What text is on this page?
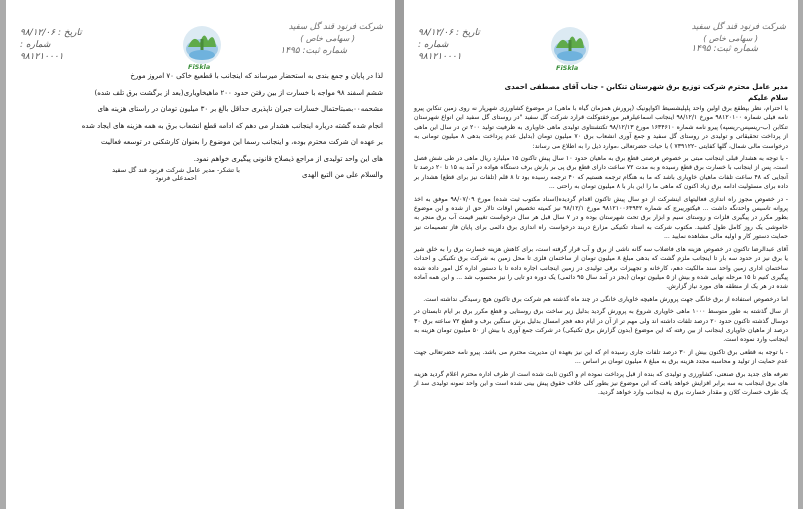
شرکت فرنود قند گل سفید
( سهامی خاص )
شماره ثبت: ۱۴۹۵
FiSkla
تاریخ : ۹۸/۱۲/۰۶
شماره :
۹۸۱۲۱۰۰۰۱

لذا در پایان و جمع بندی به استحضار میرساند که اینجانب با قطعیع خاکی ۷۰ امروز مورخ

ششم اسفند ۹۸ مواجه با خسارت از بین رفتن حدود ۲۰۰ ماهیخاویاری(بعد از برگشت برق تلف شده)

مشحمه۰۰بصبتاحتمال خسارات جبران ناپذیری حداقل بالغ بر ۳۰ میلیون تومان در راستای هزینه های

انجام شده گشته درباره اینجانب هشدار می دهم که ادامه قطع انشعاب برق به همه هزینه های ایجاد شده

بر عهده ان شرکت محترم بوده، و اینجانب رسما این موضوع را بعنوان کارشکنی در توسعه فعالیت

های این واحد تولیدی از مراجع ذیصلاح قانونی پیگیری خواهم نمود.

والسلام علی من التبع الهدی

با تشکر- مدیر عامل شرکت فرنود قند گل سفید
احمدعلی فرنود
شرکت فرنود قند گل سفید
( سهامی خاص )
شماره ثبت: ۱۴۹۵
FiSkla
تاریخ : ۹۸/۱۲/۰۶
شماره :
۹۸۱۲۱۰۰۰۱
مدیر عامل محترم شرکت توزیع برق شهرستان تنکابن - جناب آقای مصطفی احمدی
سلام علیکم

با احترام، نظر بپطقع برق اولین واحد پلپلیشسیط اکواپونیک (پرورش همزمان گیاه با ماهی) در موضوع کشاورزی شهرپار نه روی زمین تنکابن پیرو نامه فیلی شماره ۹۸۱۲۰۱۰۰ مورخ ۹۸/۱۲/۱ اینجانب اسماعیلرقبر مورخفتوکلت قرارد شرکت گل سفید "در روستای گل سفید این انواع شهرستان تنکابن (ب-ریسپس-ریسپه) پیرو نامه شماره ۱۶۳۴۶۱۰ مورخ ۹۸/۱۲/۱۳ تکتشنتاوی تولیدی ماهی خاویاری به ظرفیت تولید ۲۰۰ تن در سال این ماهی از پرداخت تحقیقاتی و تولیدی در روستای گل سفید و جمع آوری انشعاب برق ۷۰ میلیون تومان (بدلیل عدم پرداخت بدهی ۸ میلیون تومانی به درخواست مالی شمال، گلها کفایتی -۷۳۹۱۲۲ ) یا حیات حضرتعالی ،موارد ذیل را به اطلاع می رساند:

- با توجه به هشدار قبلی اینجانب مبتی بر خصوص فرصتی قطع برق به ماهیان حدود ۱۰ سال پیش تاکنون ۱۵ میلیارد ریال ماهی در طی شش فصل است، پس از اینجانب با خسارت برق قطع رسیده و به مدت ۷۲ ساعت دارای قطع برق پی بر بارش برف دستگاه هواده در آمد به ۱۵ تا ۲۰ درصد تا آنجایی که ۴۸ ساعت تلفات ماهیان خاویاری باشد که ما به هنگام ترجمه هستیم که ۴۰ ترجمه رسیده بود تا ۸ قلم (تلفات نیز برای قطع) هشدار بر داده برای مسئولیت ادامه برق زیاد اکنون که ماهی ما را این بار با ۸ میلیون تومان به راحتی ...

- در خصوص مجوز راه اندازی فعالیتهای اینشرکت از دو سال پیش تاکنون اقدام گردیده(اسناد مکتوب ثبت شده) مورخ ۹۸/۰۷/۰۹ موفق به اخذ پروانه تاسیس واحدنگه داشت ... فیکتوریبرج که شماره ۹۸۱۲۱۰۰۶۴۹۴۲ مورخ ۹۸/۱۲/۱ نیز کمیته تخصیص اوقات تالار حق از شده و این موضوع بطور مکرر در پیگیری فلزات و روستای سیم و ابزار برق تحت شهرستان بوده و در ۷ سال قبل هر سال درخواست تغییر قیمت آب برق منجر به خاموشی یک روز کامل طول کشید. مکتوب شرکت به استاد تکنیکی مزارع دربند درخواست راه اندازی برق دائمی برای پایان فاز تصمیمات نیز حمایت دستور کار و اولیه مالی مشاهده نمایید ...

آقای عبدالرضا تاکنون در خصوص هزینه های فاضلاب سه گانه ناشی از برق و آب قرار گرفته است، برای کاهش هزینه خسارت برق را به خلق شیر یا برق نیز در حدود سه بار تا اینجانب ملزم گشت که بدهی مبلغ ۸ میلیون تومان از ساختمان فلزی تا محل زمین به شرکت برق تکنیکی و احداث ساختمان اداری زمین واحد سند مالکیت دهم، کارخانه و تجهیزات برقی تولیدی در زمین اینجانب اجاره داده تا با دستور اداره کل امور داده شده پیگیری کنیم تا ۱۵ مرحله نهایی شده و بیش از ۵ میلیون تومان (بجز در آمد سال ۹۵ دائمی) یک دوره دو تایی را نیز محسوب شد ... و این همه آماده شده در هر یک از منطقه های مورد نیاز گزارش.

اما درخصوص استفاده از برق خانگی جهت پرورش ماهیچه خاویاری خانگی در چند ماه گذشته هم شرکت برق تاکنون هیچ رسیدگی نداشته است.

از سال گذشته به طور متوسط ۱۰۰۰ ماهی خاویاری شروع به پرورش گردید بدلیل زیر ساخت برق روستایی و قطع مکرر برق بر ایام تابستان در دوسال گذشته تاکنون حدود ۲۰ درصد تلفات داشته اند ولی مهم تر از آن در ایام دهه فجر امسال بدلیل برش ستگین برف و قطع ۷۲ ساعته برق ۳۰ درصد از ماهیان خاویاری اینجانب از بین رفته که این موضوع (بدون گزارش برق تکنیکی) در شرکت جمع آوری با بیش از ۵۰ میلیون تومان هزینه به اینجانب وارد نموده است.

- با توجه به قطعی برق تاکنون بیش از ۳۰ درصد تلفات جاری رسیده ام که این نیز بعهده ان مدیریت محترم می باشد. پیرو نامه حضرتعالی جهت عدم حمایت از تولید و محاسبه مجدد هزینه برق به مبلغ ۸ میلیون تومان بر اساس ...

تعرفه های جدید برق صنعتی، کشاورزی و تولیدی که بنده از قبل پرداخت نموده ام و اکنون ثابت شده است از طرف اداره محترم اعلام گردید هزینه های برق اینجانب به سه برابر افزایش خواهد یافت که این موضوع نیز بطور کلی خلاف حقوق پیش بینی شده است و این واحد نمونه تولیدی سد از یک طرف خسارت کلان و مقدار خسارت برق به اینجانب وارد خواهد گردید.
